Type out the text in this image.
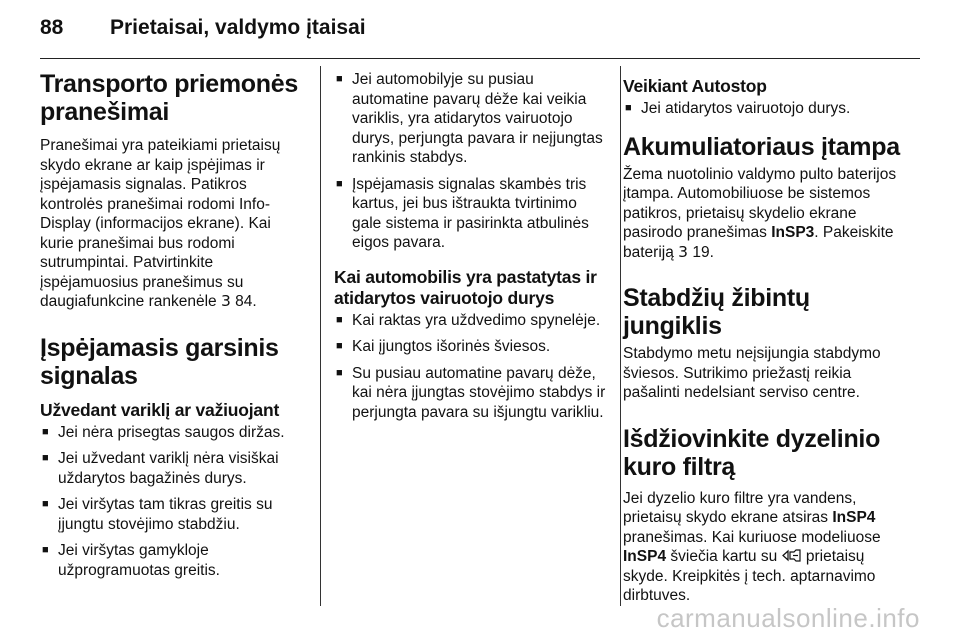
88 Prietaisai, valdymo įtaisai
Transporto priemonės pranešimai

Pranešimai yra pateikiami prietaisų skydo ekrane ar kaip įspėjimas ir įspėjamasis signalas. Patikros kontrolės pranešimai rodomi Info-Display (informacijos ekrane). Kai kurie pranešimai bus rodomi sutrumpintai. Patvirtinkite įspėjamuosius pranešimus su daugiafunkcine rankenėle 3 84.

Įspėjamasis garsinis signalas
Užvedant variklį ar važiuojant
■ Jei nėra prisegtas saugos diržas.
■ Jei užvedant variklį nėra visiškai uždarytos bagažinės durys.
■ Jei viršytas tam tikras greitis su įjungtu stovėjimo stabdžiu.
■ Jei viršytas gamykloje užprogramuotas greitis.
■ Jei automobilyje su pusiau automatine pavarų dėže kai veikia variklis, yra atidarytos vairuotojo durys, perjungta pavara ir neįjungtas rankinis stabdys.
■ Įspėjamasis signalas skambės tris kartus, jei bus ištraukta tvirtinimo gale sistema ir pasirinkta atbulinės eigos pavara.
Kai automobilis yra pastatytas ir atidarytos vairuotojo durys
■ Kai raktas yra uždvedimo spynelėje.
■ Kai įjungtos išorinės šviesos.
■ Su pusiau automatine pavarų dėže, kai nėra įjungtas stovėjimo stabdys ir perjungta pavara su išjungtu varikliu.
Veikiant Autostop
■ Jei atidarytos vairuotojo durys.
Akumuliatoriaus įtampa

Žema nuotolinio valdymo pulto baterijos įtampa. Automobiliuose be sistemos patikros, prietaisų skydelio ekrane pasirodo pranešimas InSP3. Pakeiskite bateriją 3 19.

Stabdžių žibintų jungiklis

Stabdymo metu neįsijungia stabdymo šviesos. Sutrikimo priežastį reikia pašalinti nedelsiant serviso centre.

Išdžiovinkite dyzelinio kuro filtrą

Jei dyzelio kuro filtre yra vandens, prietaisų skydo ekrane atsiras InSP4 pranešimas. Kai kuriuose modeliuose InSP4 šviečia kartu su prietaisų skyde. Kreipkitės į tech. aptarnavimo dirbtuves.

carmanualsonline.info
